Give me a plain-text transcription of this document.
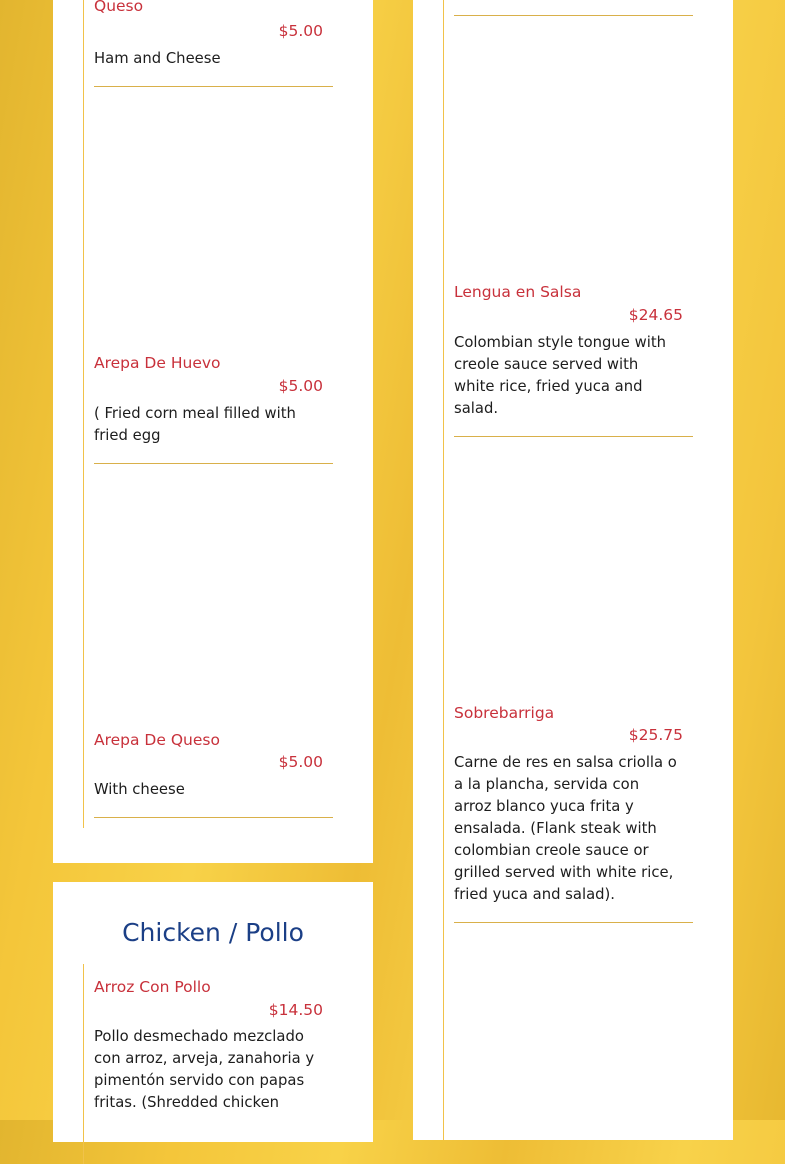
Queso
$5.00
Ham and Cheese
Arepa De Huevo
$5.00
( Fried corn meal filled with fried egg
Arepa De Queso
$5.00
With cheese
Chicken / Pollo
Arroz Con Pollo
$14.50
Pollo desmechado mezclado con arroz, arveja, zanahoria y pimentón servido con papas fritas. (Shredded chicken
Lengua en Salsa
$24.65
Colombian style tongue with creole sauce served with white rice, fried yuca and salad.
Sobrebarriga
$25.75
Carne de res en salsa criolla o a la plancha, servida con arroz blanco yuca frita y ensalada. (Flank steak with colombian creole sauce or grilled served with white rice, fried yuca and salad).
